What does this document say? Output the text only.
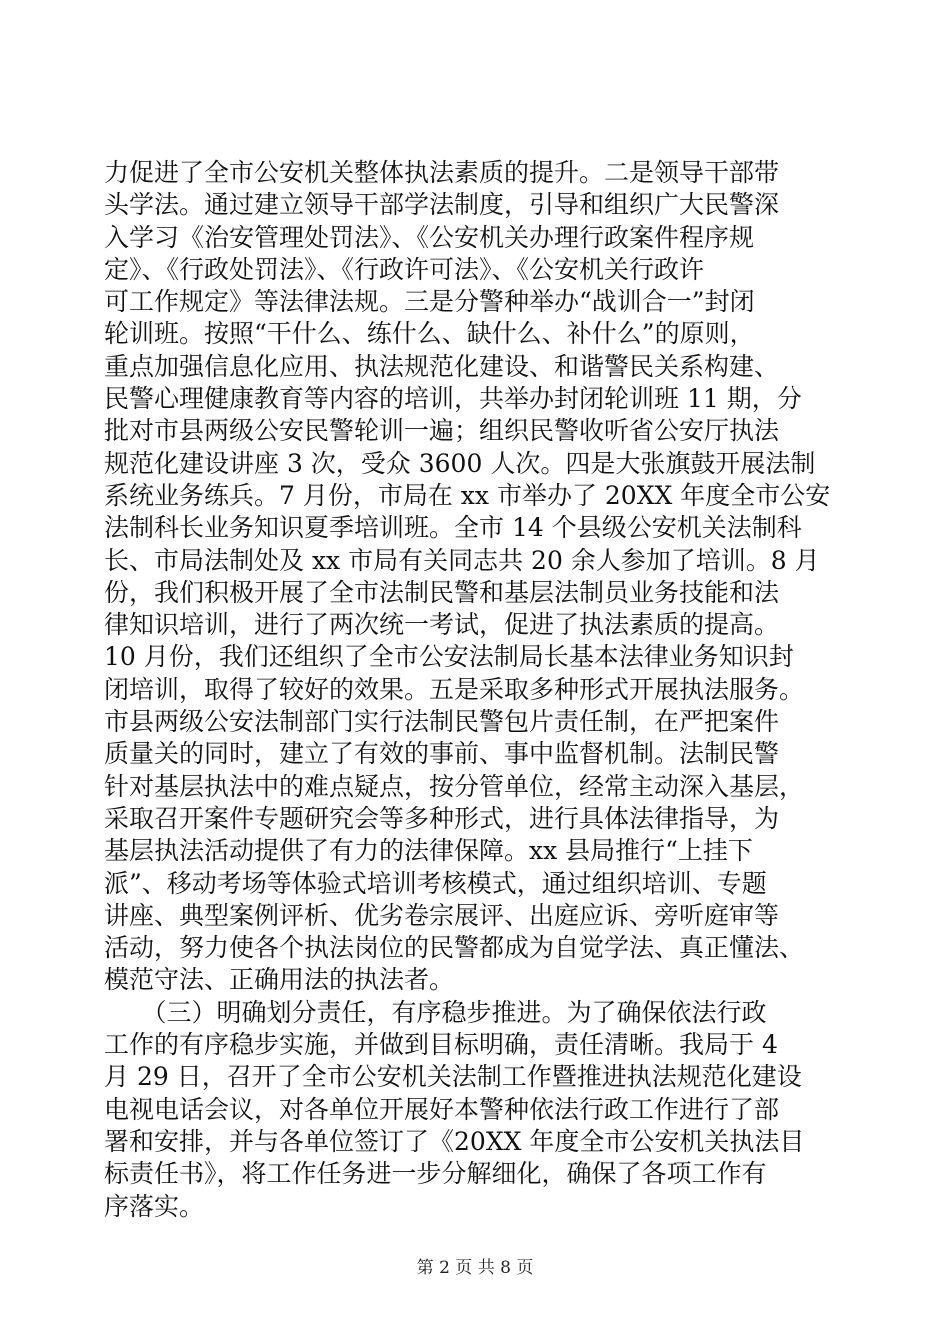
力促进了全市公安机关整体执法素质的提升。二是领导干部带
头学法。通过建立领导干部学法制度，引导和组织广大民警深
入学习《治安管理处罚法》、《公安机关办理行政案件程序规
定》、《行政处罚法》、《行政许可法》、《公安机关行政许
可工作规定》等法律法规。三是分警种举办“战训合一”封闭
轮训班。按照“干什么、练什么、缺什么、补什么”的原则，
重点加强信息化应用、执法规范化建设、和谐警民关系构建、
民警心理健康教育等内容的培训，共举办封闭轮训班 11 期，分
批对市县两级公安民警轮训一遍；组织民警收听省公安厅执法
规范化建设讲座 3 次，受众 3600 人次。四是大张旗鼓开展法制
系统业务练兵。7 月份，市局在 xx 市举办了 20XX 年度全市公安
法制科长业务知识夏季培训班。全市 14 个县级公安机关法制科
长、市局法制处及 xx 市局有关同志共 20 余人参加了培训。8 月
份，我们积极开展了全市法制民警和基层法制员业务技能和法
律知识培训，进行了两次统一考试，促进了执法素质的提高。
10 月份，我们还组织了全市公安法制局长基本法律业务知识封
闭培训，取得了较好的效果。五是采取多种形式开展执法服务。
市县两级公安法制部门实行法制民警包片责任制，在严把案件
质量关的同时，建立了有效的事前、事中监督机制。法制民警
针对基层执法中的难点疑点，按分管单位，经常主动深入基层，
采取召开案件专题研究会等多种形式，进行具体法律指导，为
基层执法活动提供了有力的法律保障。xx 县局推行“上挂下
派”、移动考场等体验式培训考核模式，通过组织培训、专题
讲座、典型案例评析、优劣卷宗展评、出庭应诉、旁听庭审等
活动，努力使各个执法岗位的民警都成为自觉学法、真正懂法、
模范守法、正确用法的执法者。
　　（三）明确划分责任，有序稳步推进。为了确保依法行政
工作的有序稳步实施，并做到目标明确，责任清晰。我局于 4
月 29 日，召开了全市公安机关法制工作暨推进执法规范化建设
电视电话会议，对各单位开展好本警种依法行政工作进行了部
署和安排，并与各单位签订了《20XX 年度全市公安机关执法目
标责任书》，将工作任务进一步分解细化，确保了各项工作有
序落实。
第 2 页 共 8 页
